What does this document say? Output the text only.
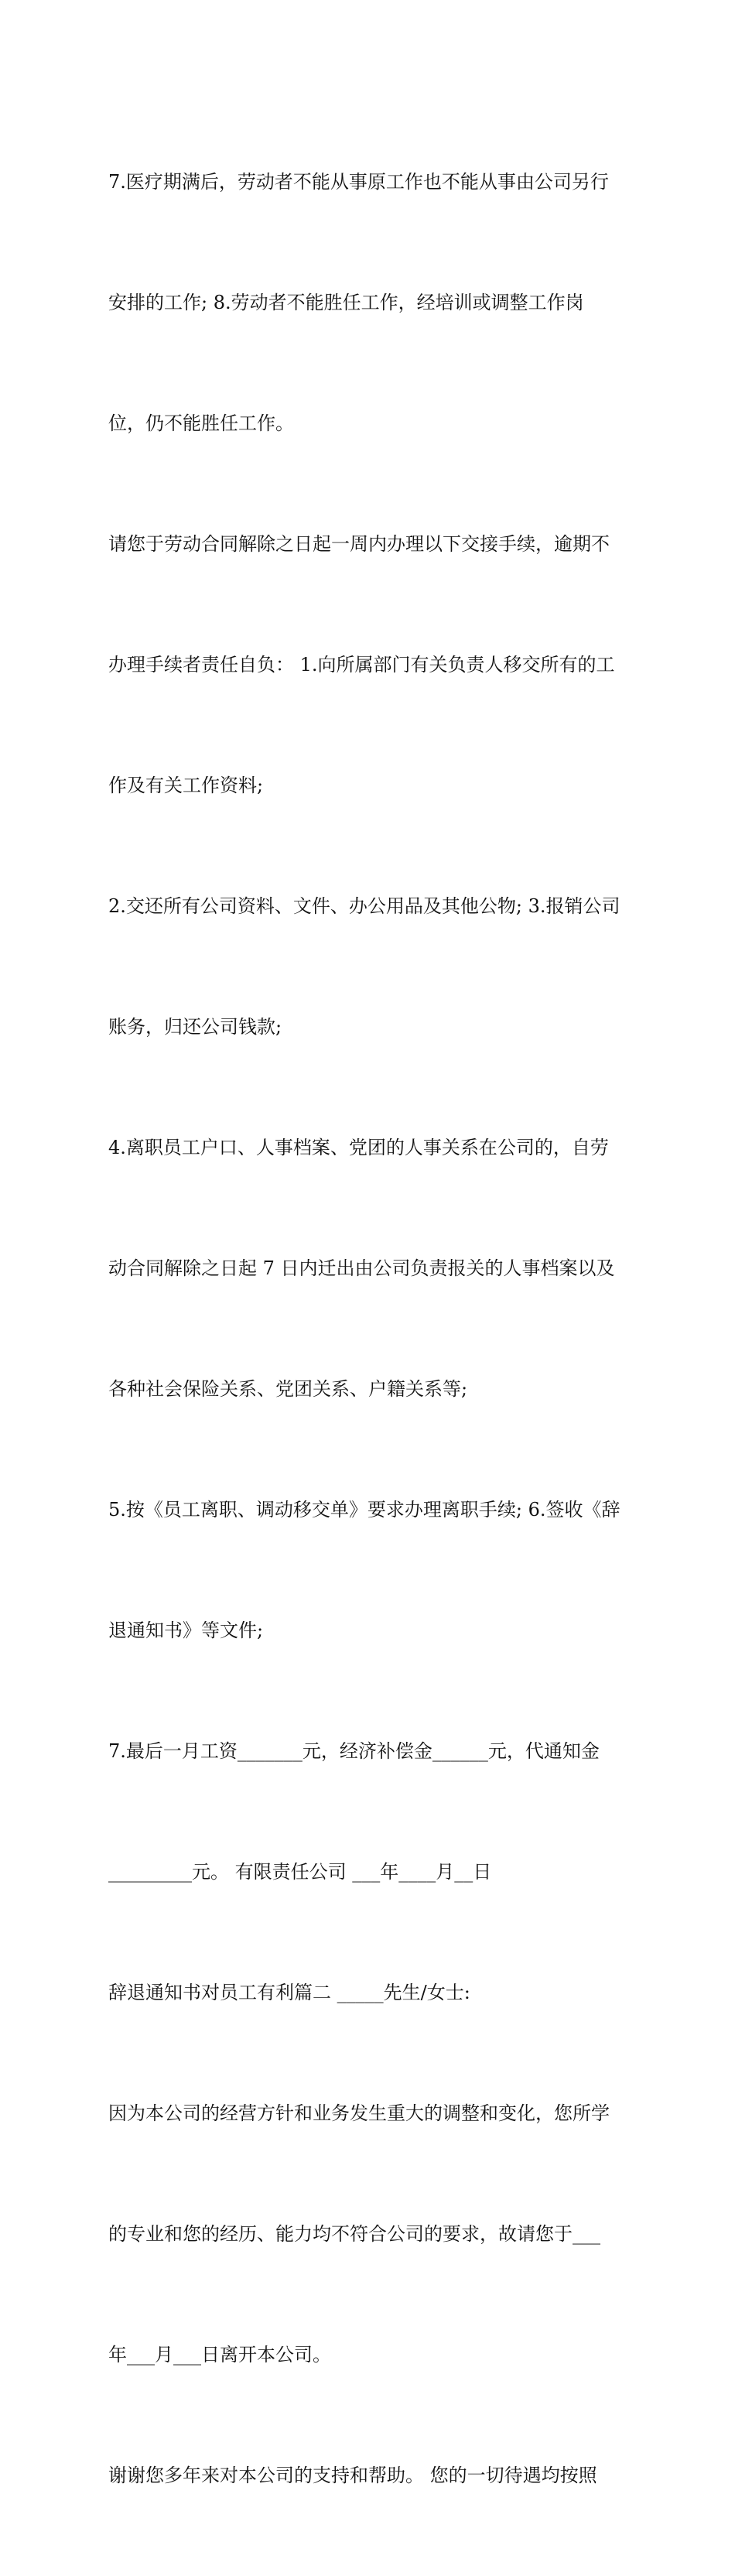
7.医疗期满后，劳动者不能从事原工作也不能从事由公司另行

安排的工作; 8.劳动者不能胜任工作，经培训或调整工作岗

位，仍不能胜任工作。

请您于劳动合同解除之日起一周内办理以下交接手续，逾期不

办理手续者责任自负： 1.向所属部门有关负责人移交所有的工

作及有关工作资料;

2.交还所有公司资料、文件、办公用品及其他公物; 3.报销公司

账务，归还公司钱款;

4.离职员工户口、人事档案、党团的人事关系在公司的，自劳

动合同解除之日起 7 日内迁出由公司负责报关的人事档案以及

各种社会保险关系、党团关系、户籍关系等;

5.按《员工离职、调动移交单》要求办理离职手续; 6.签收《辞

退通知书》等文件;

7.最后一月工资_______元，经济补偿金______元，代通知金

_________元。 有限责任公司 ___年____月__日

辞退通知书对员工有利篇二 _____先生/女士:

因为本公司的经营方针和业务发生重大的调整和变化，您所学

的专业和您的经历、能力均不符合公司的要求，故请您于___

年___月___日离开本公司。

谢谢您多年来对本公司的支持和帮助。 您的一切待遇均按照
